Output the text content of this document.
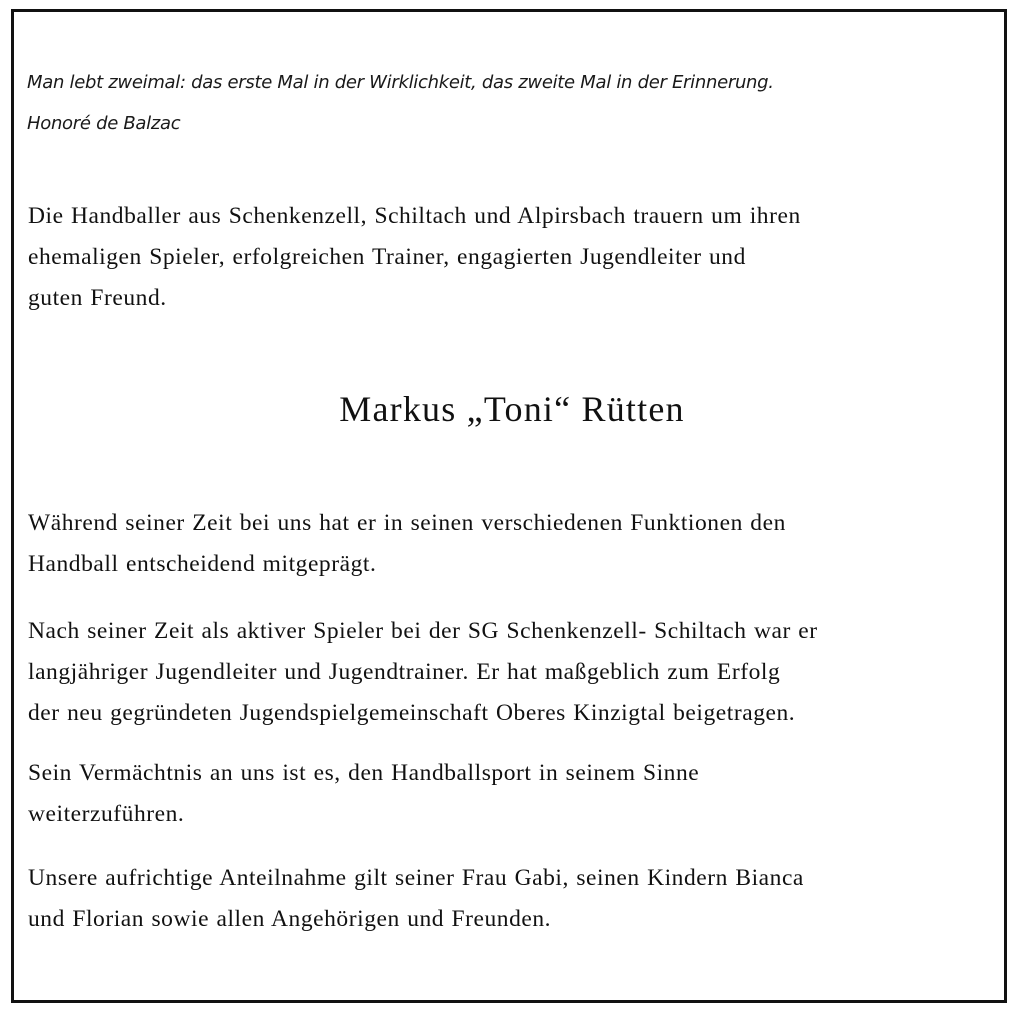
Man lebt zweimal: das erste Mal in der Wirklichkeit, das zweite Mal in der Erinnerung.
Honoré de Balzac

Die Handballer aus Schenkenzell, Schiltach und Alpirsbach trauern um ihren
ehemaligen Spieler, erfolgreichen Trainer, engagierten Jugendleiter und
guten Freund.

Markus „Toni“ Rütten

Während seiner Zeit bei uns hat er in seinen verschiedenen Funktionen den
Handball entscheidend mitgeprägt.

Nach seiner Zeit als aktiver Spieler bei der SG Schenkenzell- Schiltach war er
langjähriger Jugendleiter und Jugendtrainer. Er hat maßgeblich zum Erfolg
der neu gegründeten Jugendspielgemeinschaft Oberes Kinzigtal beigetragen.

Sein Vermächtnis an uns ist es, den Handballsport in seinem Sinne
weiterzuführen.

Unsere aufrichtige Anteilnahme gilt seiner Frau Gabi, seinen Kindern Bianca
und Florian sowie allen Angehörigen und Freunden.
